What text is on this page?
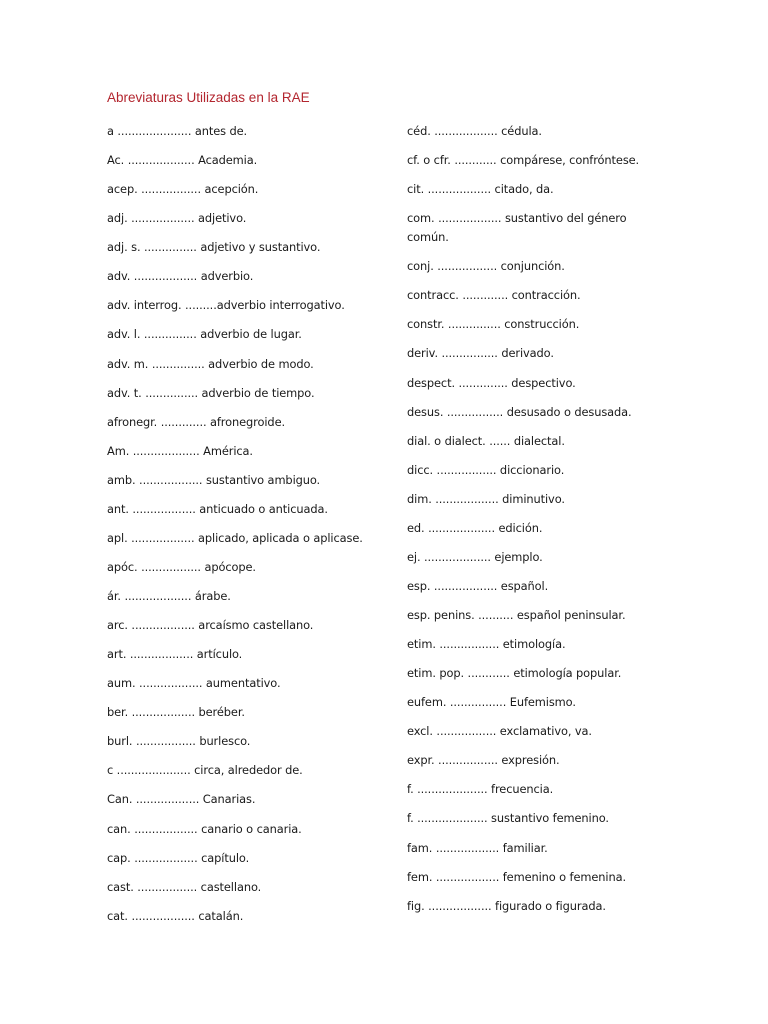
Abreviaturas Utilizadas en la RAE
a ..................... antes de.
Ac. ................... Academia.
acep. ................. acepción.
adj. .................. adjetivo.
adj. s. ............... adjetivo y sustantivo.
adv. .................. adverbio.
adv. interrog. .........adverbio interrogativo.
adv. l. ............... adverbio de lugar.
adv. m. ............... adverbio de modo.
adv. t. ............... adverbio de tiempo.
afronegr. ............. afronegroide.
Am. ................... América.
amb. .................. sustantivo ambiguo.
ant. .................. anticuado o anticuada.
apl. .................. aplicado, aplicada o aplicase.
apóc. ................. apócope.
ár. ................... árabe.
arc. .................. arcaísmo castellano.
art. .................. artículo.
aum. .................. aumentativo.
ber. .................. beréber.
burl. ................. burlesco.
c ..................... circa, alrededor de.
Can. .................. Canarias.
can. .................. canario o canaria.
cap. .................. capítulo.
cast. ................. castellano.
cat. .................. catalán.
céd. .................. cédula.
cf. o cfr. ............ compárese, confróntese.
cit. .................. citado, da.
com. .................. sustantivo del género común.
conj. ................. conjunción.
contracc. ............. contracción.
constr. ............... construcción.
deriv. ................ derivado.
despect. .............. despectivo.
desus. ................ desusado o desusada.
dial. o dialect. ...... dialectal.
dicc. ................. diccionario.
dim. .................. diminutivo.
ed. ................... edición.
ej. ................... ejemplo.
esp. .................. español.
esp. penins. .......... español peninsular.
etim. ................. etimología.
etim. pop. ............ etimología popular.
eufem. ................ Eufemismo.
excl. ................. exclamativo, va.
expr. ................. expresión.
f. .................... frecuencia.
f. .................... sustantivo femenino.
fam. .................. familiar.
fem. .................. femenino o femenina.
fig. .................. figurado o figurada.
